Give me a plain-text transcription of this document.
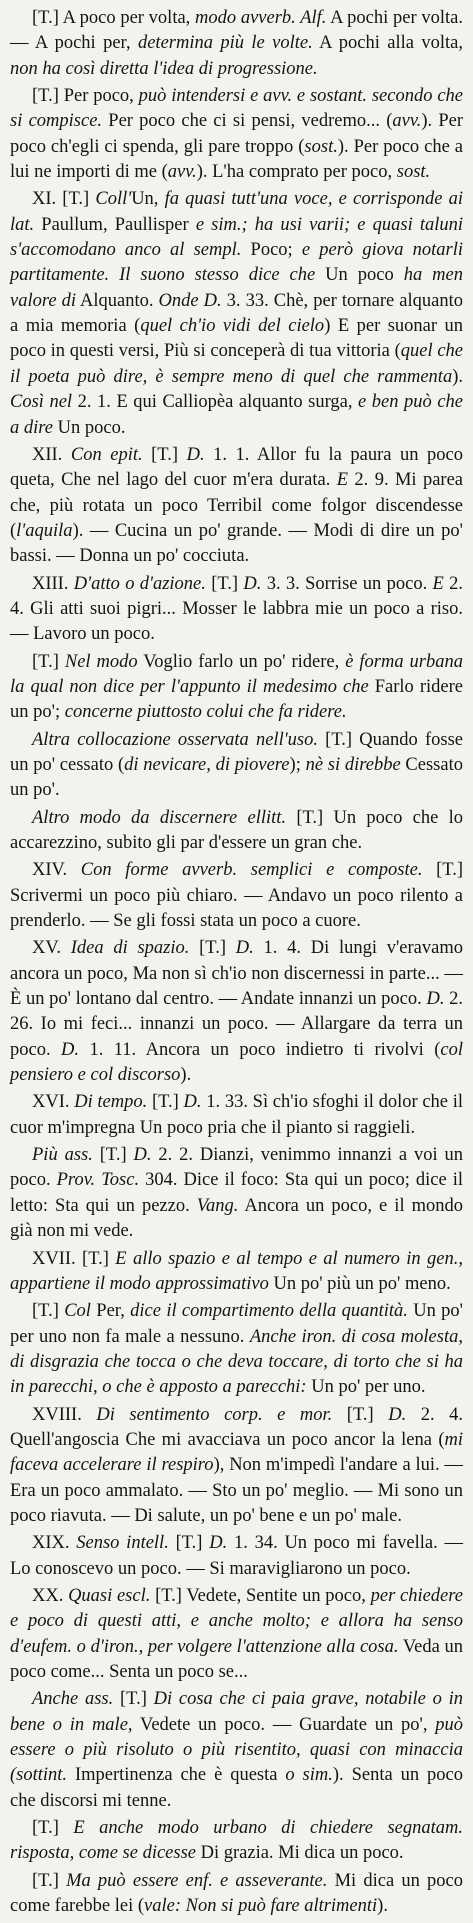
[T.] A poco per volta, modo avverb. Alf. A pochi per volta. — A pochi per, determina più le volte. A pochi alla volta, non ha così diretta l'idea di progressione.

[T.] Per poco, può intendersi e avv. e sostant. secondo che si compisce. Per poco che ci si pensi, vedremo... (avv.). Per poco ch'egli ci spenda, gli pare troppo (sost.). Per poco che a lui ne importi di me (avv.). L'ha comprato per poco, sost.

XI. [T.] Coll'Un, fa quasi tutt'una voce, e corrisponde ai lat. Paullum, Paullisper e sim.; ha usi varii; e quasi taluni s'accomodano anco al sempl. Poco; e però giova notarli partitamente. Il suono stesso dice che Un poco ha men valore di Alquanto. Onde D. 3. 33. Chè, per tornare alquanto a mia memoria (quel ch'io vidi del cielo) E per suonar un poco in questi versi, Più si conceperà di tua vittoria (quel che il poeta può dire, è sempre meno di quel che rammenta). Così nel 2. 1. E qui Calliopèa alquanto surga, e ben può che a dire Un poco.

XII. Con epit. [T.] D. 1. 1. Allor fu la paura un poco queta, Che nel lago del cuor m'era durata. E 2. 9. Mi parea che, più rotata un poco Terribil come folgor discendesse (l'aquila). — Cucina un po' grande. — Modi di dire un po' bassi. — Donna un po' cocciuta.

XIII. D'atto o d'azione. [T.] D. 3. 3. Sorrise un poco. E 2. 4. Gli atti suoi pigri... Mosser le labbra mie un poco a riso. — Lavoro un poco.

[T.] Nel modo Voglio farlo un po' ridere, è forma urbana la qual non dice per l'appunto il medesimo che Farlo ridere un po'; concerne piuttosto colui che fa ridere.

Altra collocazione osservata nell'uso. [T.] Quando fosse un po' cessato (di nevicare, di piovere); nè si direbbe Cessato un po'.

Altro modo da discernere ellitt. [T.] Un poco che lo accarezzino, subito gli par d'essere un gran che.

XIV. Con forme avverb. semplici e composte. [T.] Scrivermi un poco più chiaro. — Andavo un poco rilento a prenderlo. — Se gli fossi stata un poco a cuore.

XV. Idea di spazio. [T.] D. 1. 4. Di lungi v'eravamo ancora un poco, Ma non sì ch'io non discernessi in parte... — È un po' lontano dal centro. — Andate innanzi un poco. D. 2. 26. Io mi feci... innanzi un poco. — Allargare da terra un poco. D. 1. 11. Ancora un poco indietro ti rivolvi (col pensiero e col discorso).

XVI. Di tempo. [T.] D. 1. 33. Sì ch'io sfoghi il dolor che il cuor m'impregna Un poco pria che il pianto si raggieli.

Più ass. [T.] D. 2. 2. Dianzi, venimmo innanzi a voi un poco. Prov. Tosc. 304. Dice il foco: Sta qui un poco; dice il letto: Sta qui un pezzo. Vang. Ancora un poco, e il mondo già non mi vede.

XVII. [T.] E allo spazio e al tempo e al numero in gen., appartiene il modo approssimativo Un po' più un po' meno.

[T.] Col Per, dice il compartimento della quantità. Un po' per uno non fa male a nessuno. Anche iron. di cosa molesta, di disgrazia che tocca o che deva toccare, di torto che si ha in parecchi, o che è apposto a parecchi: Un po' per uno.

XVIII. Di sentimento corp. e mor. [T.] D. 2. 4. Quell'angoscia Che mi avacciava un poco ancor la lena (mi faceva accelerare il respiro), Non m'impedì l'andare a lui. — Era un poco ammalato. — Sto un po' meglio. — Mi sono un poco riavuta. — Di salute, un po' bene e un po' male.

XIX. Senso intell. [T.] D. 1. 34. Un poco mi favella. — Lo conoscevo un poco. — Si maravigliarono un poco.

XX. Quasi escl. [T.] Vedete, Sentite un poco, per chiedere e poco di questi atti, e anche molto; e allora ha senso d'eufem. o d'iron., per volgere l'attenzione alla cosa. Veda un poco come... Senta un poco se...

Anche ass. [T.] Di cosa che ci paia grave, notabile o in bene o in male, Vedete un poco. — Guardate un po', può essere o più risoluto o più risentito, quasi con minaccia (sottint. Impertinenza che è questa o sim.). Senta un poco che discorsi mi tenne.

[T.] E anche modo urbano di chiedere segnatam. risposta, come se dicesse Di grazia. Mi dica un poco.

[T.] Ma può essere enf. e asseverante. Mi dica un poco come farebbe lei (vale: Non si può fare altrimenti).
